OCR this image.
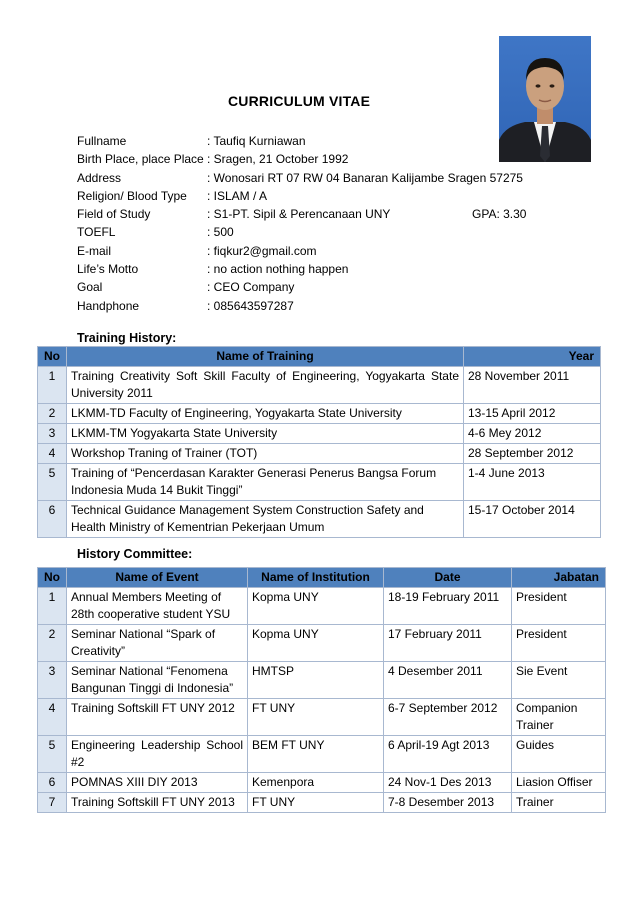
CURRICULUM VITAE
Fullname	: Taufiq Kurniawan
Birth Place, place Place : Sragen, 21 October 1992
Address	: Wonosari RT 07 RW 04 Banaran Kalijambe Sragen 57275
Religion/ Blood Type : ISLAM / A
Field of Study	: S1-PT. Sipil & Perencanaan UNY	GPA: 3.30
TOEFL	: 500
E-mail	: fiqkur2@gmail.com
Life’s Motto	: no action nothing happen
Goal	: CEO Company
Handphone	: 085643597287
Training History:
No	Name of Training	Year
1	Training Creativity Soft Skill Faculty of Engineering, Yogyakarta State University 2011	28 November 2011
2	LKMM-TD Faculty of Engineering, Yogyakarta State University	13-15 April 2012
3	LKMM-TM Yogyakarta State University	4-6 Mey 2012
4	Workshop Traning of Trainer (TOT)	28 September 2012
5	Training of “Pencerdasan Karakter Generasi Penerus Bangsa Forum Indonesia Muda 14 Bukit Tinggi”	1-4 June 2013
6	Technical Guidance Management System Construction Safety and Health Ministry of Kementrian Pekerjaan Umum	15-17 October 2014
History Committee:
No	Name of Event	Name of Institution	Date	Jabatan
1	Annual Members Meeting of 28th cooperative student YSU	Kopma UNY	18-19 February 2011	President
2	Seminar National “Spark of Creativity”	Kopma UNY	17 February 2011	President
3	Seminar National “Fenomena Bangunan Tinggi di Indonesia”	HMTSP	4 Desember 2011	Sie Event
4	Training Softskill FT UNY 2012	FT UNY	6-7 September 2012	Companion Trainer
5	Engineering Leadership School #2	BEM FT UNY	6 April-19 Agt 2013	Guides
6	POMNAS XIII DIY 2013	Kemenpora	24 Nov-1 Des 2013	Liasion Offiser
7	Training Softskill FT UNY 2013	FT UNY	7-8 Desember 2013	Trainer
